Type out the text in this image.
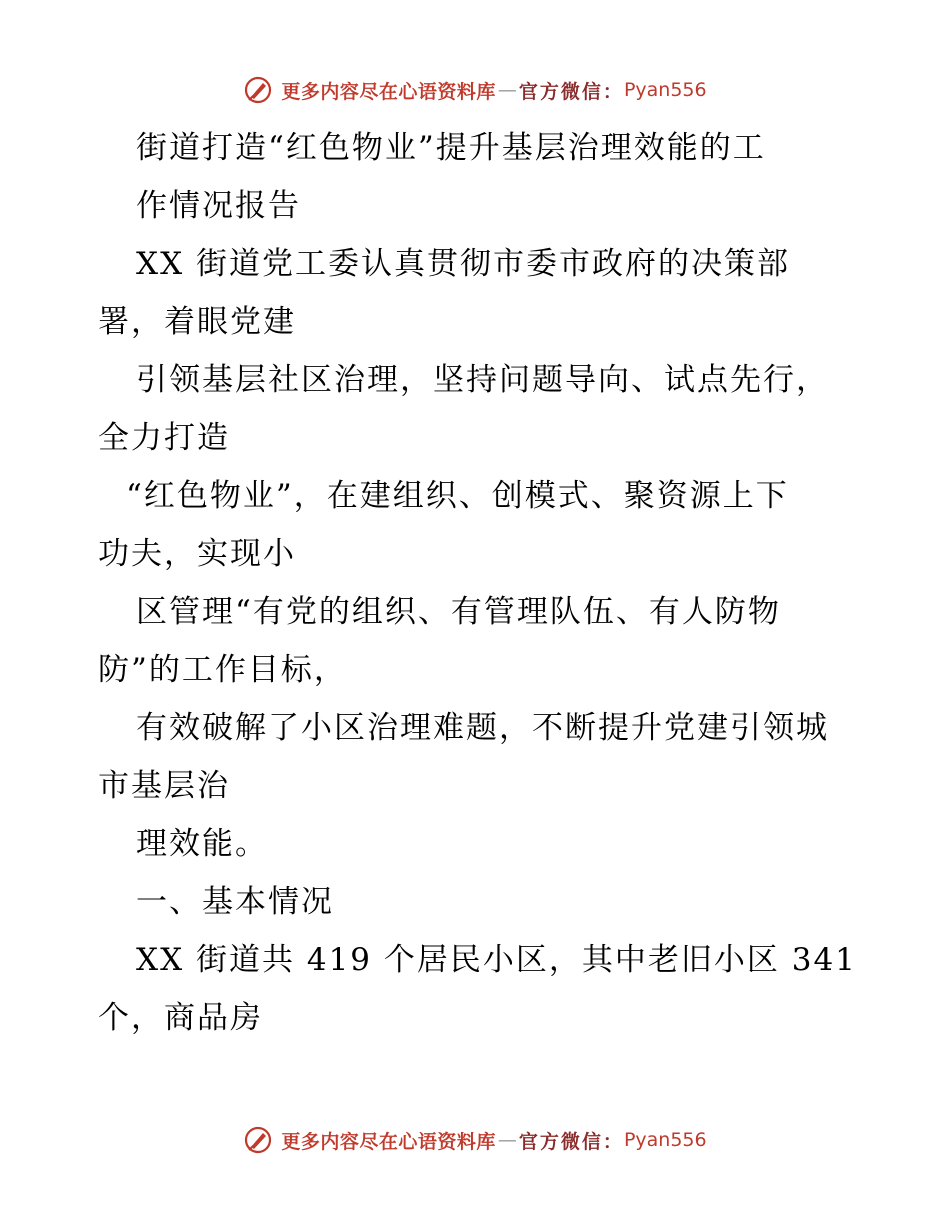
更多内容尽在心语资料库 — 官方微信： Pyan556
街道打造“红色物业”提升基层治理效能的工
作情况报告
XX 街道党工委认真贯彻市委市政府的决策部
署，着眼党建
引领基层社区治理，坚持问题导向、试点先行，
全力打造
“红色物业”，在建组织、创模式、聚资源上下
功夫，实现小
区管理“有党的组织、有管理队伍、有人防物
防”的工作目标，
有效破解了小区治理难题，不断提升党建引领城
市基层治
理效能。
一、基本情况
XX 街道共 419 个居民小区，其中老旧小区 341
个，商品房
更多内容尽在心语资料库 — 官方微信： Pyan556
